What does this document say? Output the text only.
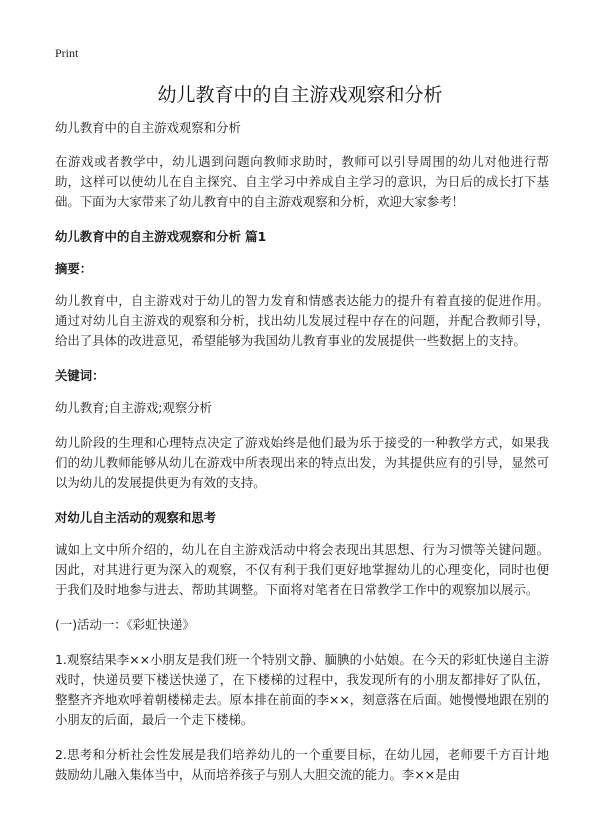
Print
幼儿教育中的自主游戏观察和分析

幼儿教育中的自主游戏观察和分析

在游戏或者教学中，幼儿遇到问题向教师求助时，教师可以引导周围的幼儿对他进行帮助，这样可以使幼儿在自主探究、自主学习中养成自主学习的意识，为日后的成长打下基础。下面为大家带来了幼儿教育中的自主游戏观察和分析，欢迎大家参考！

幼儿教育中的自主游戏观察和分析 篇1

摘要：

幼儿教育中，自主游戏对于幼儿的智力发育和情感表达能力的提升有着直接的促进作用。通过对幼儿自主游戏的观察和分析，找出幼儿发展过程中存在的问题，并配合教师引导，给出了具体的改进意见，希望能够为我国幼儿教育事业的发展提供一些数据上的支持。

关键词：

幼儿教育;自主游戏;观察分析

幼儿阶段的生理和心理特点决定了游戏始终是他们最为乐于接受的一种教学方式，如果我们的幼儿教师能够从幼儿在游戏中所表现出来的特点出发，为其提供应有的引导，显然可以为幼儿的发展提供更为有效的支持。

对幼儿自主活动的观察和思考

诚如上文中所介绍的，幼儿在自主游戏活动中将会表现出其思想、行为习惯等关键问题。因此，对其进行更为深入的观察，不仅有利于我们更好地掌握幼儿的心理变化，同时也便于我们及时地参与进去、帮助其调整。下面将对笔者在日常教学工作中的观察加以展示。

(一)活动一：《彩虹快递》

1.观察结果李××小朋友是我们班一个特别文静、腼腆的小姑娘。在今天的彩虹快递自主游戏时，快递员要下楼送快递了，在下楼梯的过程中，我发现所有的小朋友都排好了队伍，整整齐齐地欢呼着朝楼梯走去。原本排在前面的李××，刻意落在后面。她慢慢地跟在别的小朋友的后面，最后一个走下楼梯。

2.思考和分析社会性发展是我们培养幼儿的一个重要目标，在幼儿园，老师要千方百计地鼓励幼儿融入集体当中，从而培养孩子与别人大胆交流的能力。李××是由
